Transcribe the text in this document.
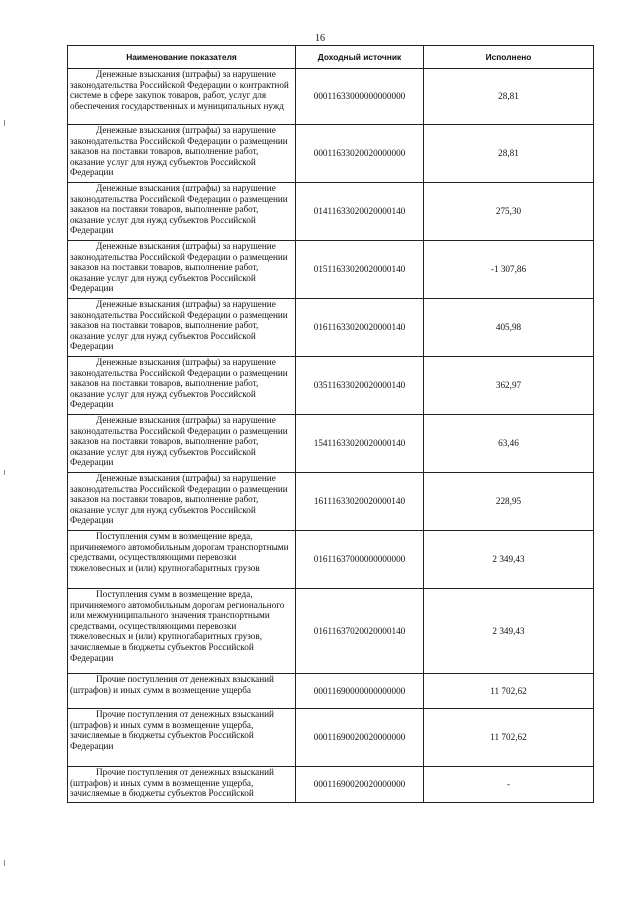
16
Наименование показателя	Доходный источник	Исполнено
Денежные взыскания (штрафы) за нарушение законодательства Российской Федерации о контрактной системе в сфере закупок товаров, работ, услуг для обеспечения государственных и муниципальных нужд	00011633000000000000	28,81
Денежные взыскания (штрафы) за нарушение законодательства Российской Федерации о размещении заказов на поставки товаров, выполнение работ, оказание услуг для нужд субъектов Российской Федерации	00011633020020000000	28,81
Денежные взыскания (штрафы) за нарушение законодательства Российской Федерации о размещении заказов на поставки товаров, выполнение работ, оказание услуг для нужд субъектов Российской Федерации	01411633020020000140	275,30
Денежные взыскания (штрафы) за нарушение законодательства Российской Федерации о размещении заказов на поставки товаров, выполнение работ, оказание услуг для нужд субъектов Российской Федерации	01511633020020000140	-1 307,86
Денежные взыскания (штрафы) за нарушение законодательства Российской Федерации о размещении заказов на поставки товаров, выполнение работ, оказание услуг для нужд субъектов Российской Федерации	01611633020020000140	405,98
Денежные взыскания (штрафы) за нарушение законодательства Российской Федерации о размещении заказов на поставки товаров, выполнение работ, оказание услуг для нужд субъектов Российской Федерации	03511633020020000140	362,97
Денежные взыскания (штрафы) за нарушение законодательства Российской Федерации о размещении заказов на поставки товаров, выполнение работ, оказание услуг для нужд субъектов Российской Федерации	15411633020020000140	63,46
Денежные взыскания (штрафы) за нарушение законодательства Российской Федерации о размещении заказов на поставки товаров, выполнение работ, оказание услуг для нужд субъектов Российской Федерации	16111633020020000140	228,95
Поступления сумм в возмещение вреда, причиняемого автомобильным дорогам транспортными средствами, осуществляющими перевозки тяжеловесных и (или) крупногабаритных грузов	01611637000000000000	2 349,43
Поступления сумм в возмещение вреда, причиняемого автомобильным дорогам регионального или межмуниципального значения транспортными средствами, осуществляющими перевозки тяжеловесных и (или) крупногабаритных грузов, зачисляемые в бюджеты субъектов Российской Федерации	01611637020020000140	2 349,43
Прочие поступления от денежных взысканий (штрафов) и иных сумм в возмещение ущерба	00011690000000000000	11 702,62
Прочие поступления от денежных взысканий (штрафов) и иных сумм в возмещение ущерба, зачисляемые в бюджеты субъектов Российской Федерации	00011690020020000000	11 702,62
Прочие поступления от денежных взысканий (штрафов) и иных сумм в возмещение ущерба, зачисляемые в бюджеты субъектов Российской	00011690020020000000	-
